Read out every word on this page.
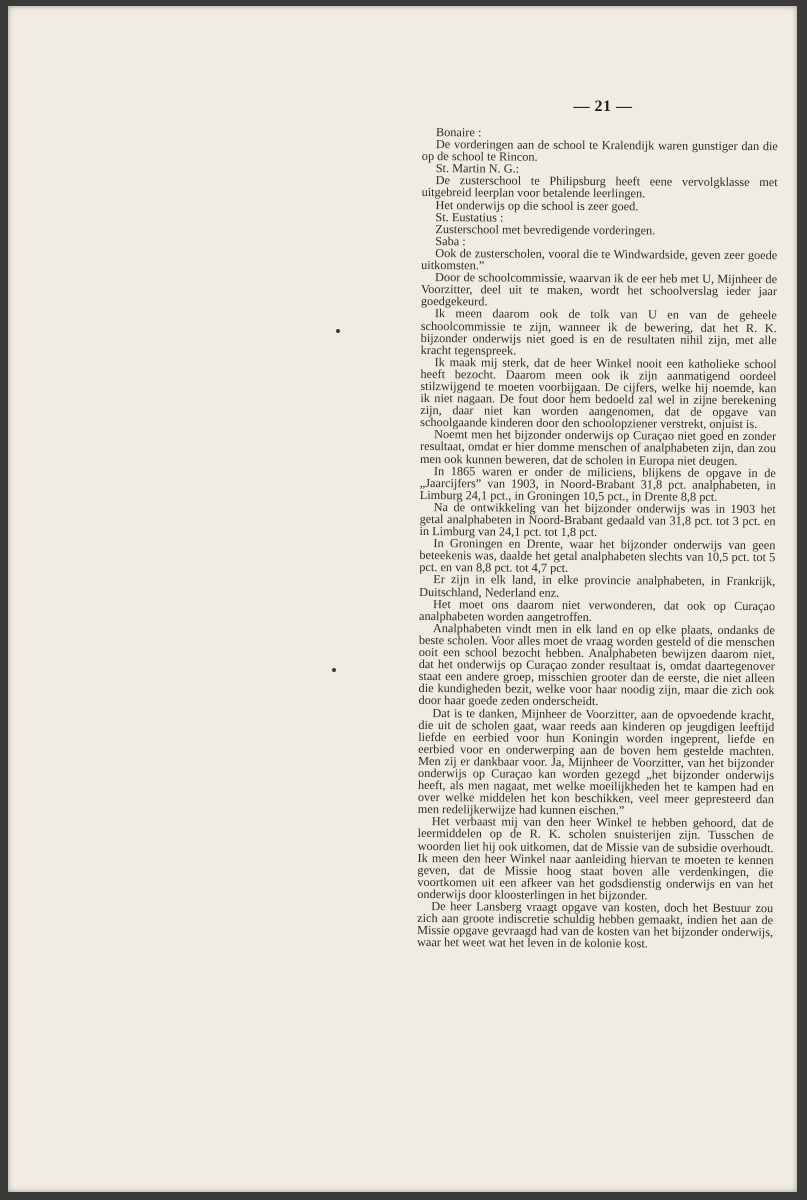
— 21 —

Bonaire :

De vorderingen aan de school te Kralendijk waren gunstiger dan die op de school te Rincon.

St. Martin N. G.:

De zusterschool te Philipsburg heeft eene vervolgklasse met uitgebreid leerplan voor betalende leerlingen.

Het onderwijs op die school is zeer goed.

St. Eustatius :

Zusterschool met bevredigende vorderingen.

Saba :

Ook de zusterscholen, vooral die te Windwardside, geven zeer goede uitkomsten.”

Door de schoolcommissie, waarvan ik de eer heb met U, Mijnheer de Voorzitter, deel uit te maken, wordt het schoolverslag ieder jaar goedgekeurd.

Ik meen daarom ook de tolk van U en van de geheele schoolcommissie te zijn, wanneer ik de bewering, dat het R. K. bijzonder onderwijs niet goed is en de resultaten nihil zijn, met alle kracht tegenspreek.

Ik maak mij sterk, dat de heer Winkel nooit een katholieke school heeft bezocht. Daarom meen ook ik zijn aanmatigend oordeel stilzwijgend te moeten voorbijgaan. De cijfers, welke hij noemde, kan ik niet nagaan. De fout door hem bedoeld zal wel in zijne berekening zijn, daar niet kan worden aangenomen, dat de opgave van schoolgaande kinderen door den schoolopziener verstrekt, onjuist is.

Noemt men het bijzonder onderwijs op Curaçao niet goed en zonder resultaat, omdat er hier domme menschen of analphabeten zijn, dan zou men ook kunnen beweren, dat de scholen in Europa niet deugen.

In 1865 waren er onder de miliciens, blijkens de opgave in de „Jaarcijfers” van 1903, in Noord-Brabant 31,8 pct. analphabeten, in Limburg 24,1 pct., in Groningen 10,5 pct., in Drente 8,8 pct.

Na de ontwikkeling van het bijzonder onderwijs was in 1903 het getal analphabeten in Noord-Brabant gedaald van 31,8 pct. tot 3 pct. en in Limburg van 24,1 pct. tot 1,8 pct.

In Groningen en Drente, waar het bijzonder onderwijs van geen beteekenis was, daalde het getal analphabeten slechts van 10,5 pct. tot 5 pct. en van 8,8 pct. tot 4,7 pct.

Er zijn in elk land, in elke provincie analphabeten, in Frankrijk, Duitschland, Nederland enz.

Het moet ons daarom niet verwonderen, dat ook op Curaçao analphabeten worden aangetroffen.

Analphabeten vindt men in elk land en op elke plaats, ondanks de beste scholen. Voor alles moet de vraag worden gesteld of die menschen ooit een school bezocht hebben. Analphabeten bewijzen daarom niet, dat het onderwijs op Curaçao zonder resultaat is, omdat daartegenover staat een andere groep, misschien grooter dan de eerste, die niet alleen die kundigheden bezit, welke voor haar noodig zijn, maar die zich ook door haar goede zeden onderscheidt.

Dat is te danken, Mijnheer de Voorzitter, aan de opvoedende kracht, die uit de scholen gaat, waar reeds aan kinderen op jeugdigen leeftijd liefde en eerbied voor hun Koningin worden ingeprent, liefde en eerbied voor en onderwerping aan de boven hem gestelde machten. Men zij er dankbaar voor. Ja, Mijnheer de Voorzitter, van het bijzonder onderwijs op Curaçao kan worden gezegd „het bijzonder onderwijs heeft, als men nagaat, met welke moeilijkheden het te kampen had en over welke middelen het kon beschikken, veel meer gepresteerd dan men redelijkerwijze had kunnen eischen.”

Het verbaast mij van den heer Winkel te hebben gehoord, dat de leermiddelen op de R. K. scholen snuisterijen zijn. Tusschen de woorden liet hij ook uitkomen, dat de Missie van de subsidie overhoudt. Ik meen den heer Winkel naar aanleiding hiervan te moeten te kennen geven, dat de Missie hoog staat boven alle verdenkingen, die voortkomen uit een afkeer van het godsdienstig onderwijs en van het onderwijs door kloosterlingen in het bijzonder.

De heer Lansberg vraagt opgave van kosten, doch het Bestuur zou zich aan groote indiscretie schuldig hebben gemaakt, indien het aan de Missie opgave gevraagd had van de kosten van het bijzonder onderwijs, waar het weet wat het leven in de kolonie kost.
